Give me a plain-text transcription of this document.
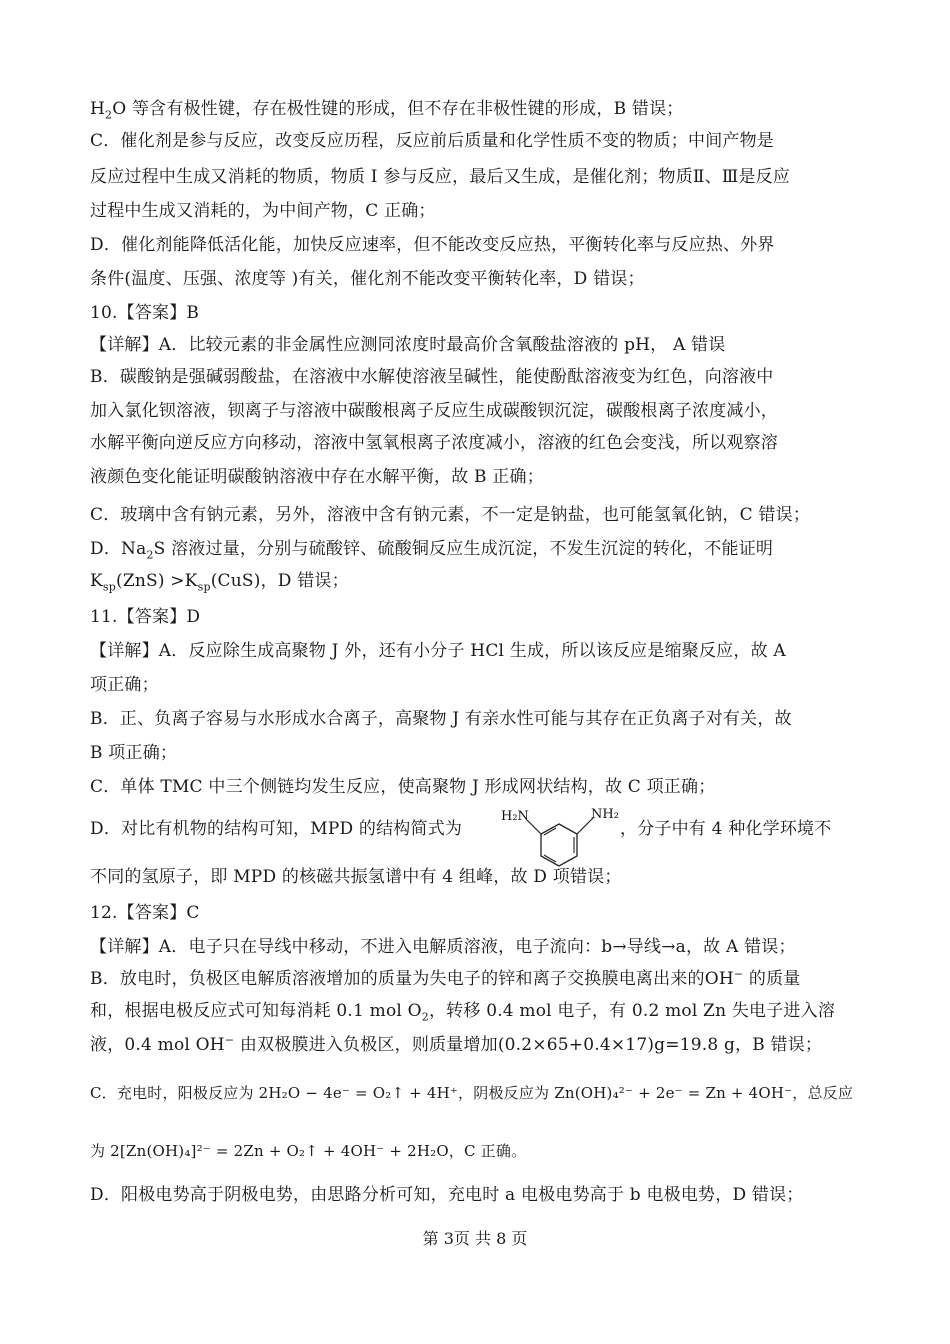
$H_2O$ 等含有极性键，存在极性键的形成，但不存在非极性键的形成，B 错误；
C．催化剂是参与反应，改变反应历程，反应前后质量和化学性质不变的物质；中间产物是
反应过程中生成又消耗的物质，物质 I 参与反应，最后又生成，是催化剂；物质Ⅱ、Ⅲ是反应
过程中生成又消耗的，为中间产物，C 正确；
D．催化剂能降低活化能，加快反应速率，但不能改变反应热，平衡转化率与反应热、外界
条件(温度、压强、浓度等 )有关，催化剂不能改变平衡转化率，D 错误；
10.【答案】B
【详解】A．比较元素的非金属性应测同浓度时最高价含氧酸盐溶液的 pH， A 错误
B．碳酸钠是强碱弱酸盐，在溶液中水解使溶液呈碱性，能使酚酞溶液变为红色，向溶液中
加入氯化钡溶液，钡离子与溶液中碳酸根离子反应生成碳酸钡沉淀，碳酸根离子浓度减小，
水解平衡向逆反应方向移动，溶液中氢氧根离子浓度减小，溶液的红色会变浅，所以观察溶
液颜色变化能证明碳酸钠溶液中存在水解平衡，故 B 正确；
C．玻璃中含有钠元素，另外，溶液中含有钠元素，不一定是钠盐，也可能氢氧化钠，C 错误；
D．$Na_2S$ 溶液过量，分别与硫酸锌、硫酸铜反应生成沉淀，不发生沉淀的转化，不能证明
$K_{sp}(ZnS) >K_{sp}(CuS)$，D 错误；
11.【答案】D
【详解】A．反应除生成高聚物 J 外，还有小分子 HCl 生成，所以该反应是缩聚反应，故 A
项正确；
B．正、负离子容易与水形成水合离子，高聚物 J 有亲水性可能与其存在正负离子对有关，故
B 项正确；
C．单体 TMC 中三个侧链均发生反应，使高聚物 J 形成网状结构，故 C 项正确；
D．对比有机物的结构可知，MPD 的结构简式为	，分子中有 4 种化学环境不
不同的氢原子，即 MPD 的核磁共振氢谱中有 4 组峰，故 D 项错误；
12.【答案】C
【详解】A．电子只在导线中移动，不进入电解质溶液，电子流向：b→导线→a，故 A 错误；
B．放电时，负极区电解质溶液增加的质量为失电子的锌和离子交换膜电离出来的OH− 的质量
和，根据电极反应式可知每消耗 0.1 mol $O_2$，转移 0.4 mol 电子，有 0.2 mol Zn 失电子进入溶
液，0.4 mol OH− 由双极膜进入负极区，则质量增加(0.2×65+0.4×17)g=19.8 g，B 错误；
C．充电时，阳极反应为 2H₂O − 4e⁻ = O₂↑ + 4H⁺，阴极反应为 Zn(OH)₄²⁻ + 2e⁻ = Zn + 4OH⁻，总反应
为 2[Zn(OH)₄]²⁻ = 2Zn + O₂↑ + 4OH⁻ + 2H₂O，C 正确。
D．阳极电势高于阴极电势，由思路分析可知，充电时 a 电极电势高于 b 电极电势，D 错误；
H₂N	NH₂
第 3页 共 8 页
